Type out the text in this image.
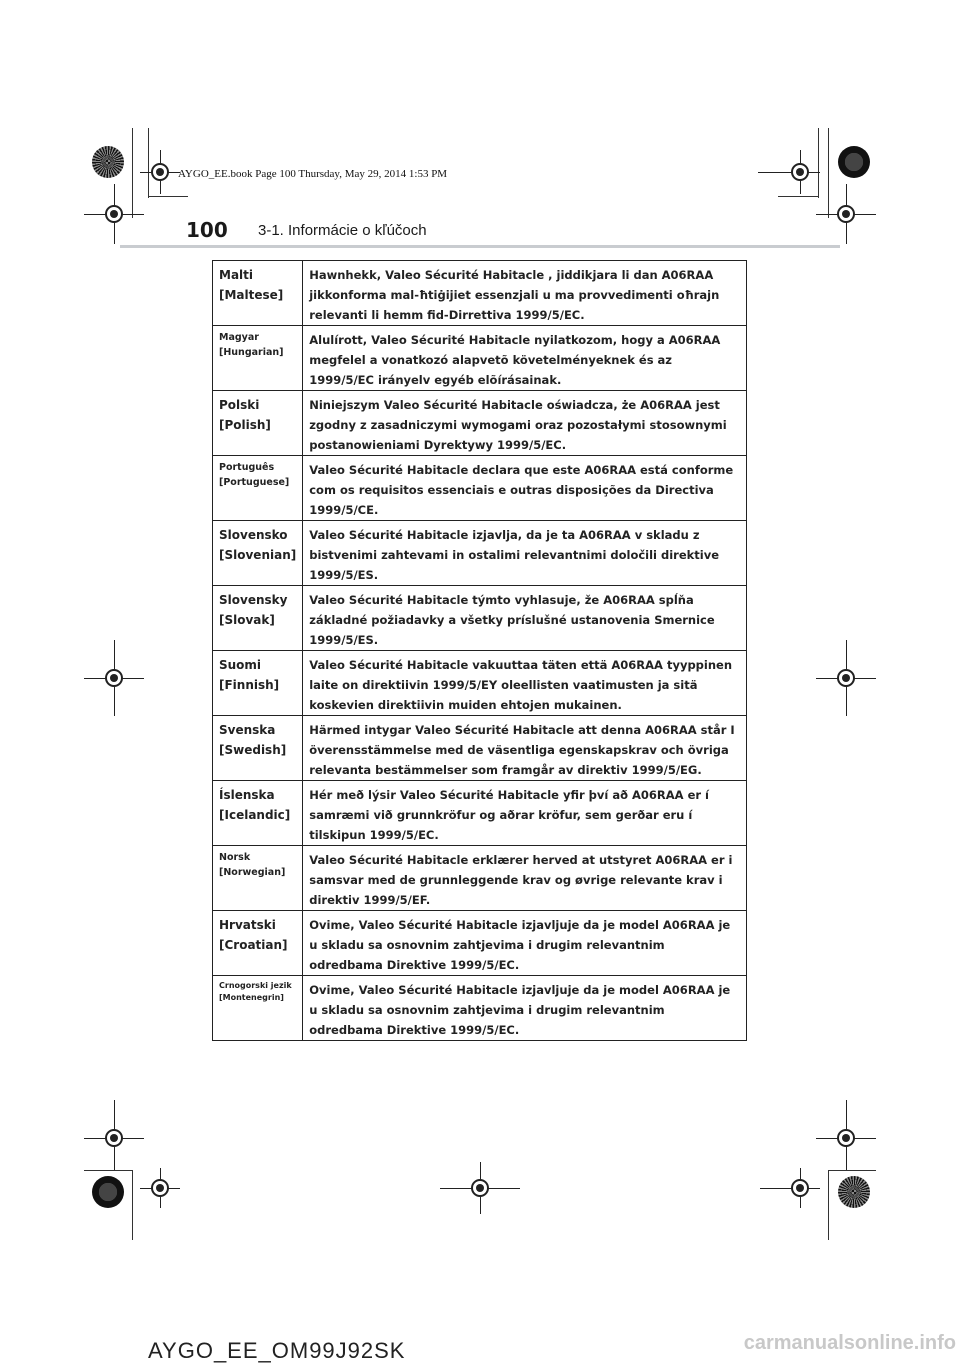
AYGO_EE.book Page 100 Thursday, May 29, 2014 1:53 PM
100 3-1. Informácie o kľúčoch
Malti
[Maltese]	Hawnhekk, Valeo Sécurité Habitacle , jiddikjara li dan A06RAA jikkonforma mal-ħtiġijiet essenzjali u ma provvedimenti oħrajn relevanti li hemm fid-Dirrettiva 1999/5/EC.

Magyar
[Hungarian]	Alulírott, Valeo Sécurité Habitacle nyilatkozom, hogy a A06RAA megfelel a vonatkozó alapvetõ követelményeknek és az 1999/5/EC irányelv egyéb elõírásainak.

Polski
[Polish]	Niniejszym Valeo Sécurité Habitacle oświadcza, że A06RAA jest zgodny z zasadniczymi wymogami oraz pozostałymi stosownymi postanowieniami Dyrektywy 1999/5/EC.

Português
[Portuguese]	Valeo Sécurité Habitacle declara que este A06RAA está conforme com os requisitos essenciais e outras disposições da Directiva 1999/5/CE.

Slovensko
[Slovenian]	Valeo Sécurité Habitacle izjavlja, da je ta A06RAA v skladu z bistvenimi zahtevami in ostalimi relevantnimi določili direktive 1999/5/ES.

Slovensky
[Slovak]	Valeo Sécurité Habitacle týmto vyhlasuje, že A06RAA spĺňa základné požiadavky a všetky príslušné ustanovenia Smernice 1999/5/ES.

Suomi
[Finnish]	Valeo Sécurité Habitacle vakuuttaa täten että A06RAA tyyppinen laite on direktiivin 1999/5/EY oleellisten vaatimusten ja sitä koskevien direktiivin muiden ehtojen mukainen.

Svenska
[Swedish]	Härmed intygar Valeo Sécurité Habitacle att denna A06RAA står I överensstämmelse med de väsentliga egenskapskrav och övriga relevanta bestämmelser som framgår av direktiv 1999/5/EG.

Íslenska
[Icelandic]	Hér með lýsir Valeo Sécurité Habitacle yfir því að A06RAA er í samræmi við grunnkröfur og aðrar kröfur, sem gerðar eru í tilskipun 1999/5/EC.

Norsk
[Norwegian]	Valeo Sécurité Habitacle erklærer herved at utstyret A06RAA er i samsvar med de grunnleggende krav og øvrige relevante krav i direktiv 1999/5/EF.

Hrvatski
[Croatian]	Ovime, Valeo Sécurité Habitacle izjavljuje da je model A06RAA je u skladu sa osnovnim zahtjevima i drugim relevantnim odredbama Direktive 1999/5/EC.

Crnogorski jezik
[Montenegrin]	Ovime, Valeo Sécurité Habitacle izjavljuje da je model A06RAA je u skladu sa osnovnim zahtjevima i drugim relevantnim odredbama Direktive 1999/5/EC.
AYGO_EE_OM99J92SK	carmanualsonline.info
